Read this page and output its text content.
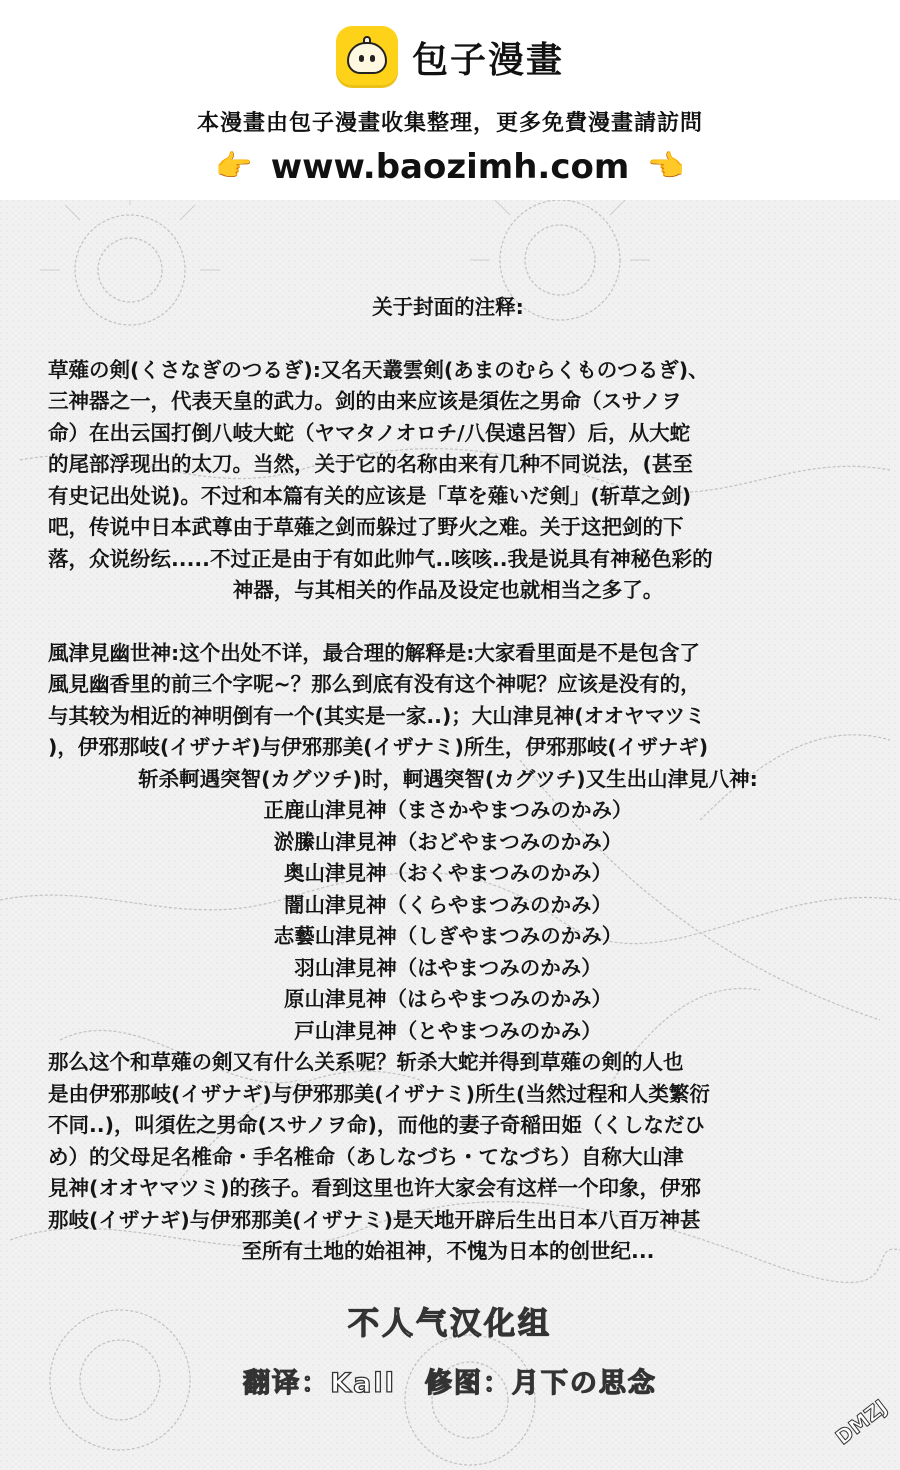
包子漫畫
本漫畫由包子漫畫收集整理，更多免費漫畫請訪問
👉 www.baozimh.com 👈
关于封面的注释:
草薙の剣(くさなぎのつるぎ):又名天叢雲剣(あまのむらくものつるぎ)、
三神器之一，代表天皇的武力。剑的由来应该是須佐之男命（スサノヲ
命）在出云国打倒八岐大蛇（ヤマタノオロチ/八俣遠呂智）后，从大蛇
的尾部浮现出的太刀。当然，关于它的名称由来有几种不同说法，(甚至
有史记出处说)。不过和本篇有关的应该是「草を薙いだ剣」(斩草之剑)
吧，传说中日本武尊由于草薙之剑而躲过了野火之难。关于这把剑的下
落，众说纷纭.....不过正是由于有如此帅气..咳咳..我是说具有神秘色彩的
神器，与其相关的作品及设定也就相当之多了。
風津見幽世神:这个出处不详，最合理的解释是:大家看里面是不是包含了
風見幽香里的前三个字呢~？那么到底有没有这个神呢？应该是没有的，
与其较为相近的神明倒有一个(其实是一家..)；大山津見神(オオヤマツミ
)，伊邪那岐(イザナギ)与伊邪那美(イザナミ)所生，伊邪那岐(イザナギ)
斩杀軻遇突智(カグツチ)时，軻遇突智(カグツチ)又生出山津見八神:
正鹿山津見神（まさかやまつみのかみ）
淤縢山津見神（おどやまつみのかみ）
奥山津見神（おくやまつみのかみ）
闇山津見神（くらやまつみのかみ）
志藝山津見神（しぎやまつみのかみ）
羽山津見神（はやまつみのかみ）
原山津見神（はらやまつみのかみ）
戸山津見神（とやまつみのかみ）
那么这个和草薙の剣又有什么关系呢？斩杀大蛇并得到草薙の剣的人也
是由伊邪那岐(イザナギ)与伊邪那美(イザナミ)所生(当然过程和人类繁衍
不同..)，叫須佐之男命(スサノヲ命)，而他的妻子奇稲田姫（くしなだひ
め）的父母足名椎命・手名椎命（あしなづち・てなづち）自称大山津
見神(オオヤマツミ)的孩子。看到这里也许大家会有这样一个印象，伊邪
那岐(イザナギ)与伊邪那美(イザナミ)是天地开辟后生出日本八百万神甚
至所有土地的始祖神，不愧为日本的创世纪...
不人气汉化组
翻译：Kall　修图：月下の思念
DMZJ
